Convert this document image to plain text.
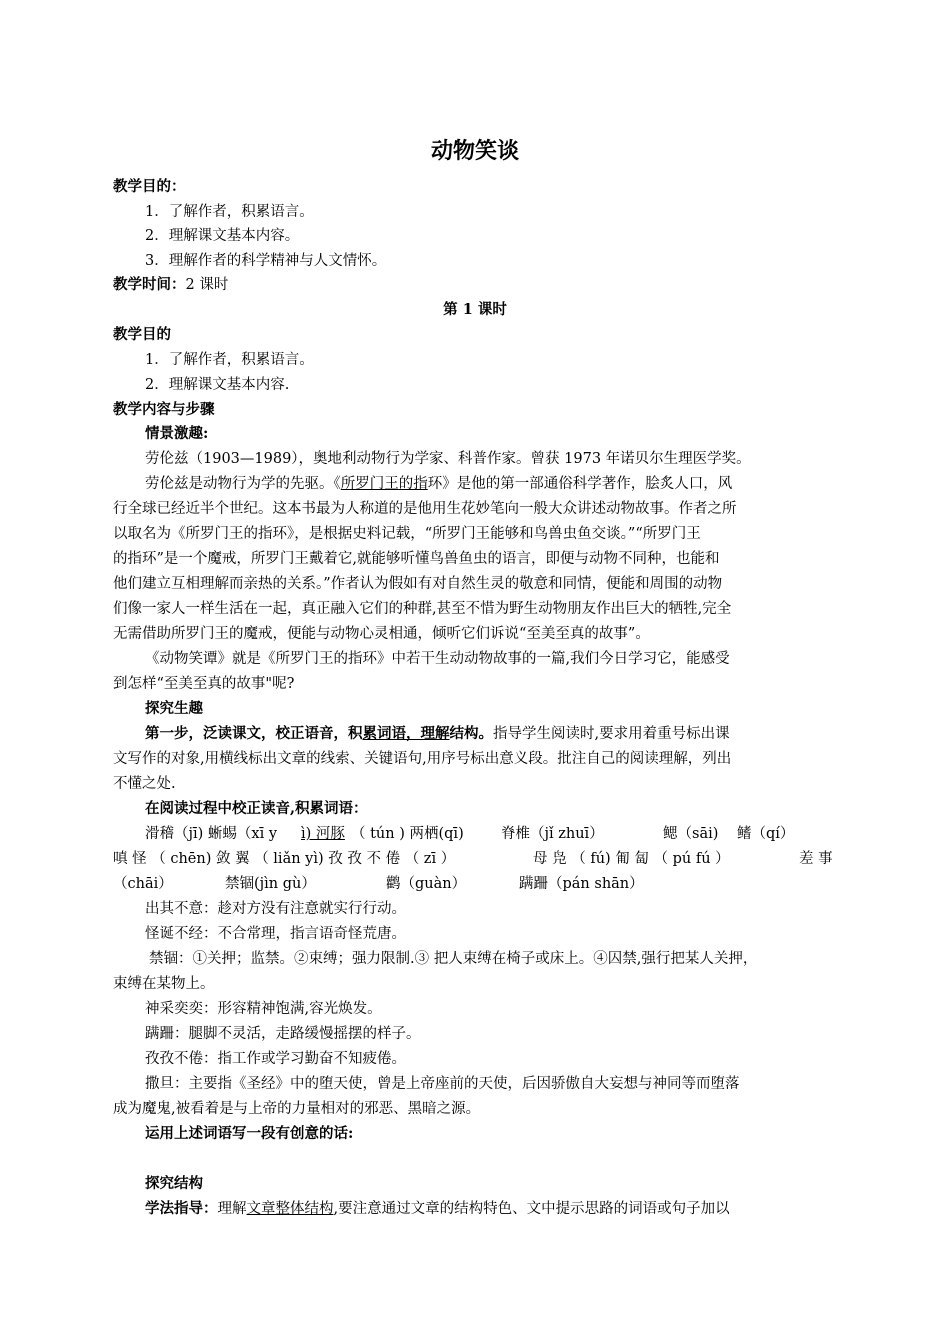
动物笑谈
教学目的：
1．了解作者，积累语言。
2．理解课文基本内容。
3．理解作者的科学精神与人文情怀。
教学时间：2 课时
第 1 课时
教学目的
1．了解作者，积累语言。
2．理解课文基本内容.
教学内容与步骤
情景激趣:
劳伦兹（1903—1989），奥地利动物行为学家、科普作家。曾获 1973 年诺贝尔生理医学奖。
劳伦兹是动物行为学的先驱。《所罗门王的指环》是他的第一部通俗科学著作，脍炙人口，风
行全球已经近半个世纪。这本书最为人称道的是他用生花妙笔向一般大众讲述动物故事。作者之所
以取名为《所罗门王的指环》，是根据史料记载，“所罗门王能够和鸟兽虫鱼交谈。”“所罗门王
的指环”是一个魔戒，所罗门王戴着它,就能够听懂鸟兽鱼虫的语言，即便与动物不同种，也能和
他们建立互相理解而亲热的关系。”作者认为假如有对自然生灵的敬意和同情，便能和周围的动物
们像一家人一样生活在一起，真正融入它们的种群,甚至不惜为野生动物朋友作出巨大的牺牲,完全
无需借助所罗门王的魔戒，便能与动物心灵相通，倾听它们诉说“至美至真的故事”。
《动物笑谭》就是《所罗门王的指环》中若干生动动物故事的一篇,我们今日学习它，能感受
到怎样“至美至真的故事"呢?
探究生趣
第一步，泛读课文，校正语音，积累词语，理解结构。指导学生阅读时,要求用着重号标出课
文写作的对象,用横线标出文章的线索、关键语句,用序号标出意义段。批注自己的阅读理解，列出
不懂之处.
在阅读过程中校正读音,积累词语：
滑稽（jī) 蜥蜴（xī y ì) 河豚 （ tún ) 两栖(qī)	脊椎（jǐ zhuī）	鳃（sāi) 鳍（qí）
嗔 怪 （ chēn) 敛 翼 （ liǎn yì) 孜 孜 不 倦 （ zī ）	母 凫 （ fú) 匍 匐 （ pú fú ）	差 事
（chāi）	禁锢(jìn gù）	鹳（guàn）	蹒跚（pán shān）
出其不意：趁对方没有注意就实行行动。
怪诞不经：不合常理，指言语奇怪荒唐。
禁锢：①关押；监禁。②束缚；强力限制.③ 把人束缚在椅子或床上。④囚禁,强行把某人关押，
束缚在某物上。
神采奕奕：形容精神饱满,容光焕发。
蹒跚：腿脚不灵活，走路缓慢摇摆的样子。
孜孜不倦：指工作或学习勤奋不知疲倦。
撒旦：主要指《圣经》中的堕天使，曾是上帝座前的天使，后因骄傲自大妄想与神同等而堕落
成为魔鬼,被看着是与上帝的力量相对的邪恶、黑暗之源。
运用上述词语写一段有创意的话:
探究结构
学法指导：理解文章整体结构,要注意通过文章的结构特色、文中提示思路的词语或句子加以
